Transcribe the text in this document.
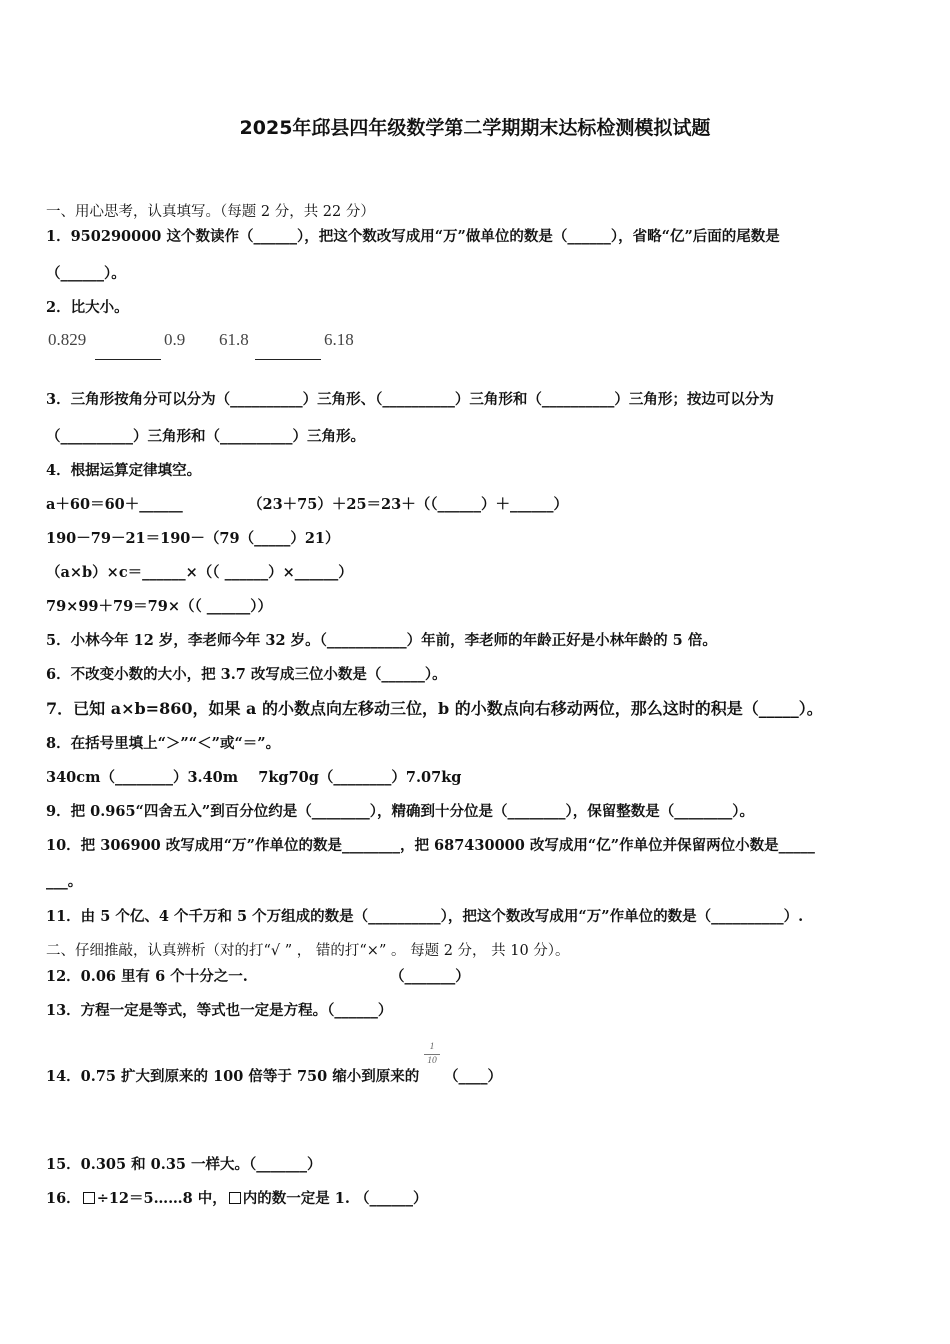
2025年邱县四年级数学第二学期期末达标检测模拟试题
一、用心思考，认真填写。（每题 2 分，共 22 分）
1．950290000 这个数读作（______），把这个数改写成用“万”做单位的数是（______），省略“亿”后面的尾数是
（______）。
2．比大小。
0.829	0.9 61.8	6.18
3．三角形按角分可以分为（__________）三角形、（__________）三角形和（__________）三角形；按边可以分为
（__________）三角形和（__________）三角形。
4．根据运算定律填空。
a＋60＝60＋______	（23＋75）＋25＝23＋（（______）＋______）
190－79－21＝190－（79（_____）21）
（a×b）×c＝______×（（ ______）×______）
79×99＋79＝79×（（ ______））
5．小林今年 12 岁，李老师今年 32 岁。（___________）年前，李老师的年龄正好是小林年龄的 5 倍。
6．不改变小数的大小，把 3.7 改写成三位小数是（______）。
7．已知 a×b=860，如果 a 的小数点向左移动三位，b 的小数点向右移动两位，那么这时的积是（_____）。
8．在括号里填上“＞”“＜”或“＝”。
340cm（________）3.40m    7kg70g（________）7.07kg
9．把 0.965“四舍五入”到百分位约是（________），精确到十分位是（________），保留整数是（________）。
10．把 306900 改写成用“万”作单位的数是________，把 687430000 改写成用“亿”作单位并保留两位小数是_____
___。
11．由 5 个亿、4 个千万和 5 个万组成的数是（__________），把这个数改写成用“万”作单位的数是（__________）.
二、仔细推敲，认真辨析（对的打“√ ” ， 错的打“×” 。 每题 2 分， 共 10 分）。
12．0.06 里有 6 个十分之一.	（_______）
13．方程一定是等式，等式也一定是方程。（______）
14．0.75 扩大到原来的 100 倍等于 750 缩小到原来的
1
10
（____）
15．0.305 和 0.35 一样大。（_______）
16． ÷12＝5……8 中， 内的数一定是 1. （______）
